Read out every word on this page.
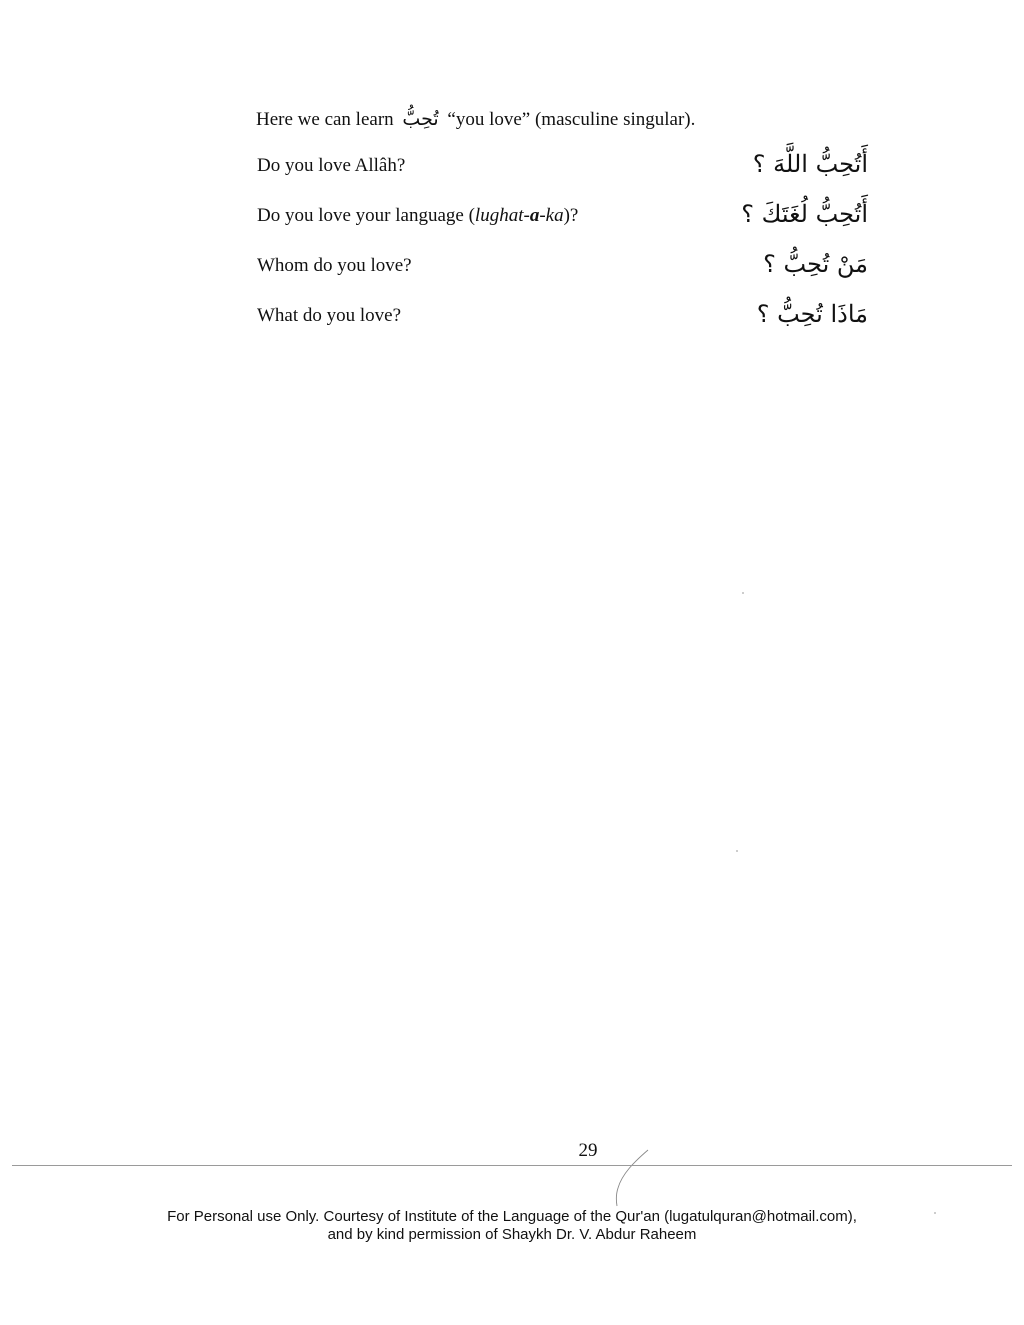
Here we can learn تُحِبُّ “you love” (masculine singular).
Do you love Allâh?	أَتُحِبُّ اللَّهَ ؟
Do you love your language (lughat-a-ka)?	أَتُحِبُّ لُغَتَكَ ؟
Whom do you love?	مَنْ تُحِبُّ ؟
What do you love?	مَاذَا تُحِبُّ ؟
29
For Personal use Only. Courtesy of Institute of the Language of the Qur'an (lugatulquran@hotmail.com),
and by kind permission of Shaykh Dr. V. Abdur Raheem
